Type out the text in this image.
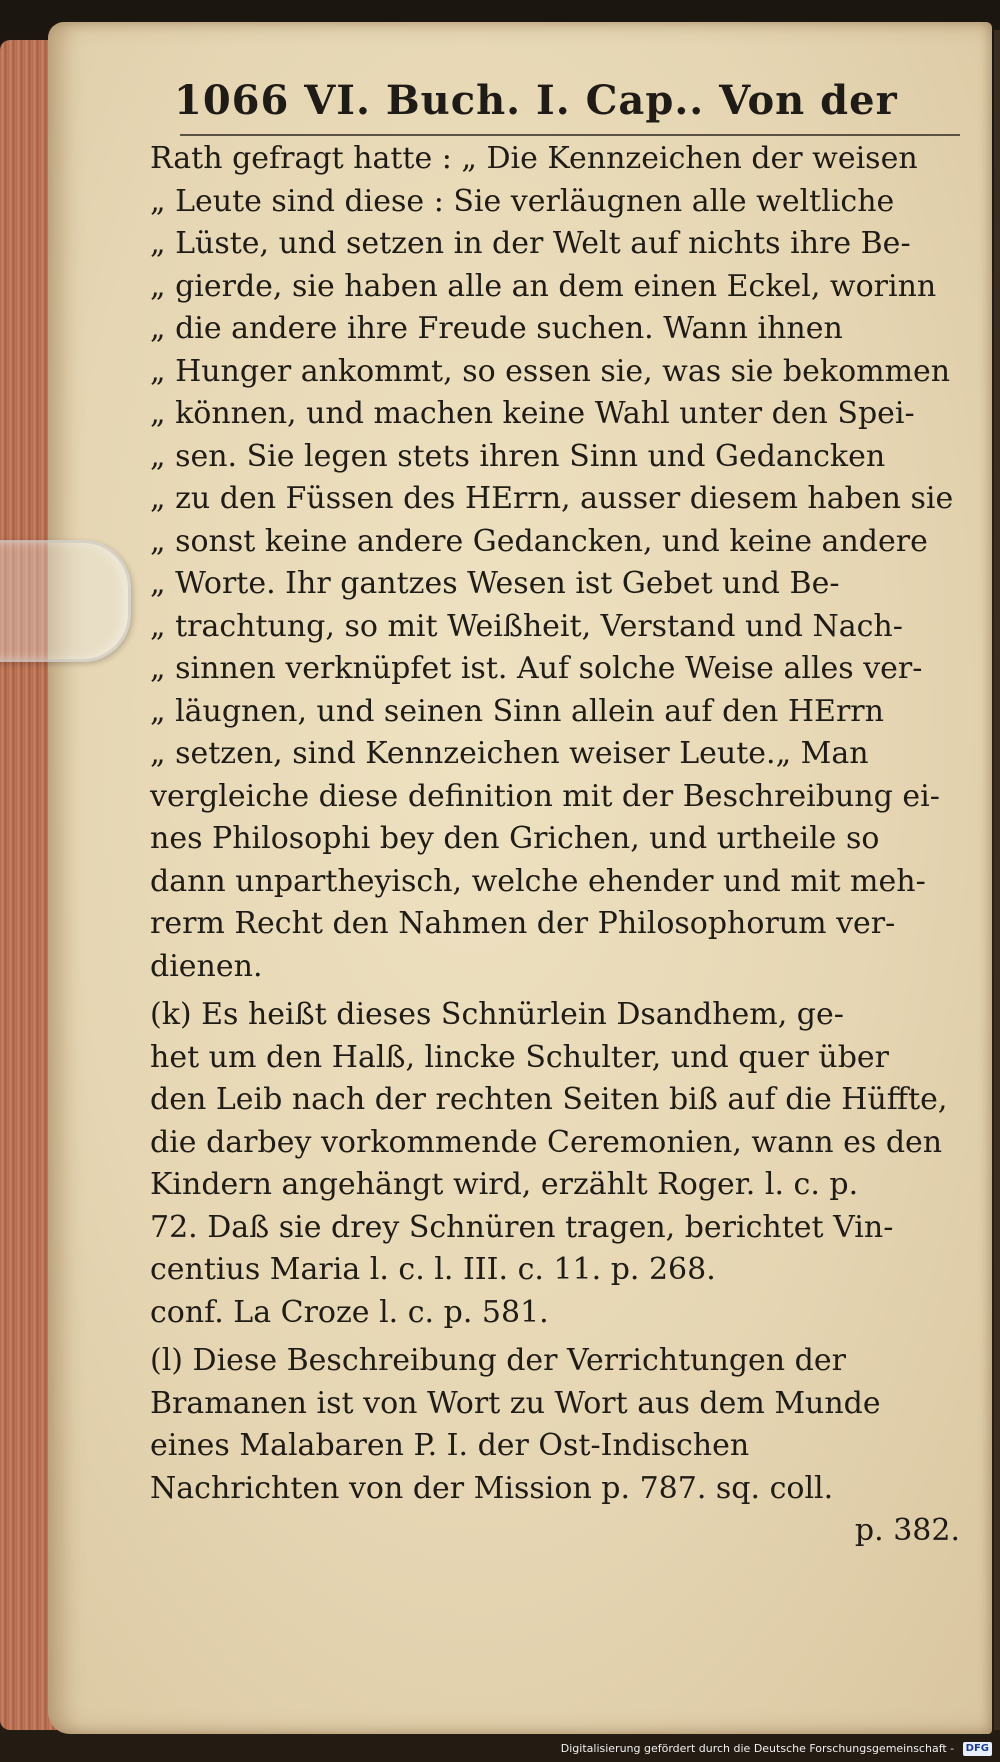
1066 VI. Buch. I. Cap.. Von der
Rath gefragt hatte : „ Die Kennzeichen der weisen
„ Leute sind diese : Sie verläugnen alle weltliche
„ Lüste, und setzen in der Welt auf nichts ihre Be-
„ gierde, sie haben alle an dem einen Eckel, worinn
„ die andere ihre Freude suchen. Wann ihnen
„ Hunger ankommt, so essen sie, was sie bekommen
„ können, und machen keine Wahl unter den Spei-
„ sen. Sie legen stets ihren Sinn und Gedancken
„ zu den Füssen des HErrn, ausser diesem haben sie
„ sonst keine andere Gedancken, und keine andere
„ Worte. Ihr gantzes Wesen ist Gebet und Be-
„ trachtung, so mit Weißheit, Verstand und Nach-
„ sinnen verknüpfet ist. Auf solche Weise alles ver-
„ läugnen, und seinen Sinn allein auf den HErrn
„ setzen, sind Kennzeichen weiser Leute.„ Man
vergleiche diese definition mit der Beschreibung ei-
nes Philosophi bey den Grichen, und urtheile so
dann unpartheyisch, welche ehender und mit meh-
rerm Recht den Nahmen der Philosophorum ver-
dienen.
(k) Es heißt dieses Schnürlein Dsandhem, ge-
het um den Halß, lincke Schulter, und quer über
den Leib nach der rechten Seiten biß auf die Hüffte,
die darbey vorkommende Ceremonien, wann es den
Kindern angehängt wird, erzählt Roger. l. c. p.
72. Daß sie drey Schnüren tragen, berichtet Vin-
centius Maria l. c. l. III. c. 11. p. 268.
conf. La Croze l. c. p. 581.
(l) Diese Beschreibung der Verrichtungen der
Bramanen ist von Wort zu Wort aus dem Munde
eines Malabaren P. I. der Ost-Indischen
Nachrichten von der Mission p. 787. sq. coll.
p. 382.
Digitalisierung gefördert durch die Deutsche Forschungsgemeinschaft - DFG
